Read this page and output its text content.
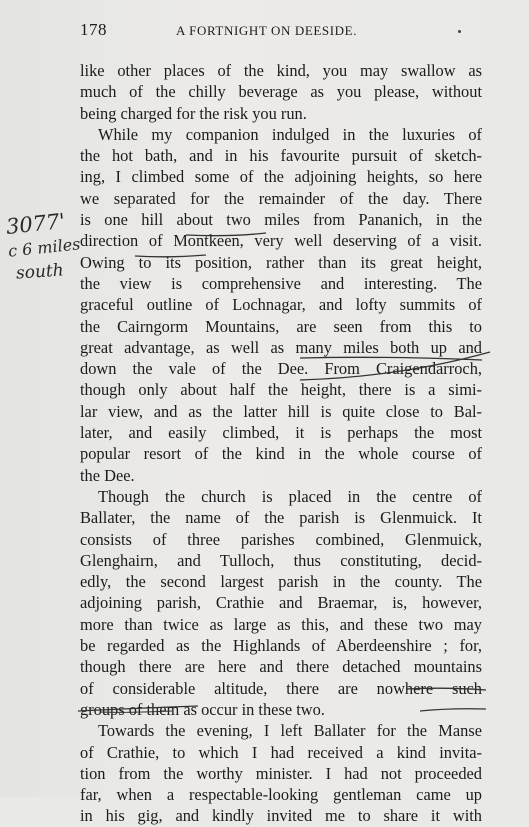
178	A FORTNIGHT ON DEESIDE.
like other places of the kind, you may swallow as
much of the chilly beverage as you please, without
being charged for the risk you run.
While my companion indulged in the luxuries of
the hot bath, and in his favourite pursuit of sketch-
ing, I climbed some of the adjoining heights, so here
we separated for the remainder of the day. There
is one hill about two miles from Pananich, in the
direction of Montkeen, very well deserving of a visit.
Owing to its position, rather than its great height,
the view is comprehensive and interesting. The
graceful outline of Lochnagar, and lofty summits of
the Cairngorm Mountains, are seen from this to
great advantage, as well as many miles both up and
down the vale of the Dee. From Craigendarroch,
though only about half the height, there is a simi-
lar view, and as the latter hill is quite close to Bal-
later, and easily climbed, it is perhaps the most
popular resort of the kind in the whole course of
the Dee.
Though the church is placed in the centre of
Ballater, the name of the parish is Glenmuick. It
consists of three parishes combined, Glenmuick,
Glenghairn, and Tulloch, thus constituting, decid-
edly, the second largest parish in the county. The
adjoining parish, Crathie and Braemar, is, however,
more than twice as large as this, and these two may
be regarded as the Highlands of Aberdeenshire ; for,
though there are here and there detached mountains
of considerable altitude, there are nowhere such
groups of them as occur in these two.
Towards the evening, I left Ballater for the Manse
of Crathie, to which I had received a kind invita-
tion from the worthy minister. I had not proceeded
far, when a respectable-looking gentleman came up
in his gig, and kindly invited me to share it with
3077'
c 6 miles
south
